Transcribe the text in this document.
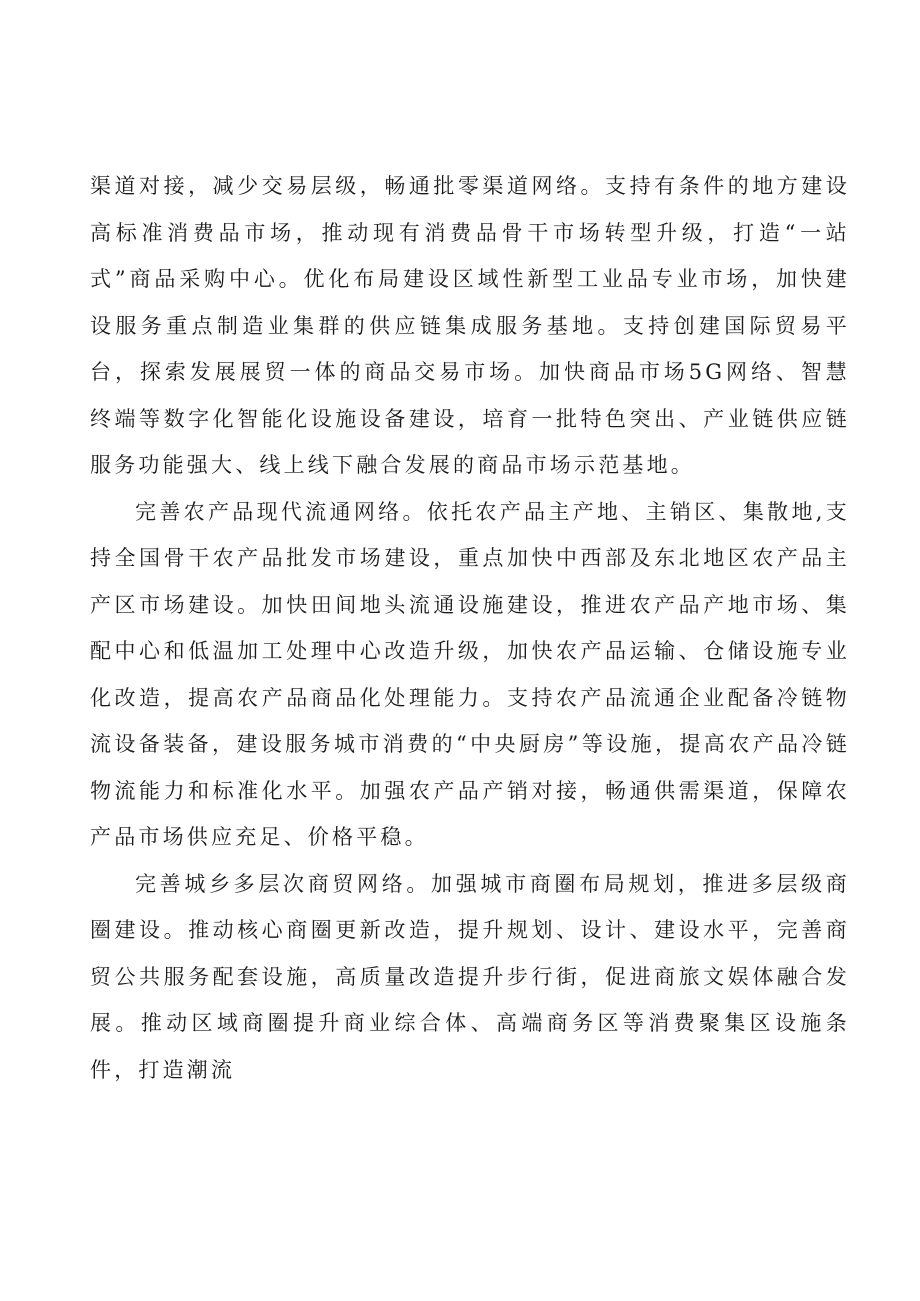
渠道对接，减少交易层级，畅通批零渠道网络。支持有条件的地方建设高标准消费品市场，推动现有消费品骨干市场转型升级，打造“一站式”商品采购中心。优化布局建设区域性新型工业品专业市场，加快建设服务重点制造业集群的供应链集成服务基地。支持创建国际贸易平台，探索发展展贸一体的商品交易市场。加快商品市场5G网络、智慧终端等数字化智能化设施设备建设，培育一批特色突出、产业链供应链服务功能强大、线上线下融合发展的商品市场示范基地。

完善农产品现代流通网络。依托农产品主产地、主销区、集散地,支持全国骨干农产品批发市场建设，重点加快中西部及东北地区农产品主产区市场建设。加快田间地头流通设施建设，推进农产品产地市场、集配中心和低温加工处理中心改造升级，加快农产品运输、仓储设施专业化改造，提高农产品商品化处理能力。支持农产品流通企业配备冷链物流设备装备，建设服务城市消费的“中央厨房”等设施，提高农产品冷链物流能力和标准化水平。加强农产品产销对接，畅通供需渠道，保障农产品市场供应充足、价格平稳。

完善城乡多层次商贸网络。加强城市商圈布局规划，推进多层级商圈建设。推动核心商圈更新改造，提升规划、设计、建设水平，完善商贸公共服务配套设施，高质量改造提升步行街，促进商旅文娱体融合发展。推动区域商圈提升商业综合体、高端商务区等消费聚集区设施条件，打造潮流
